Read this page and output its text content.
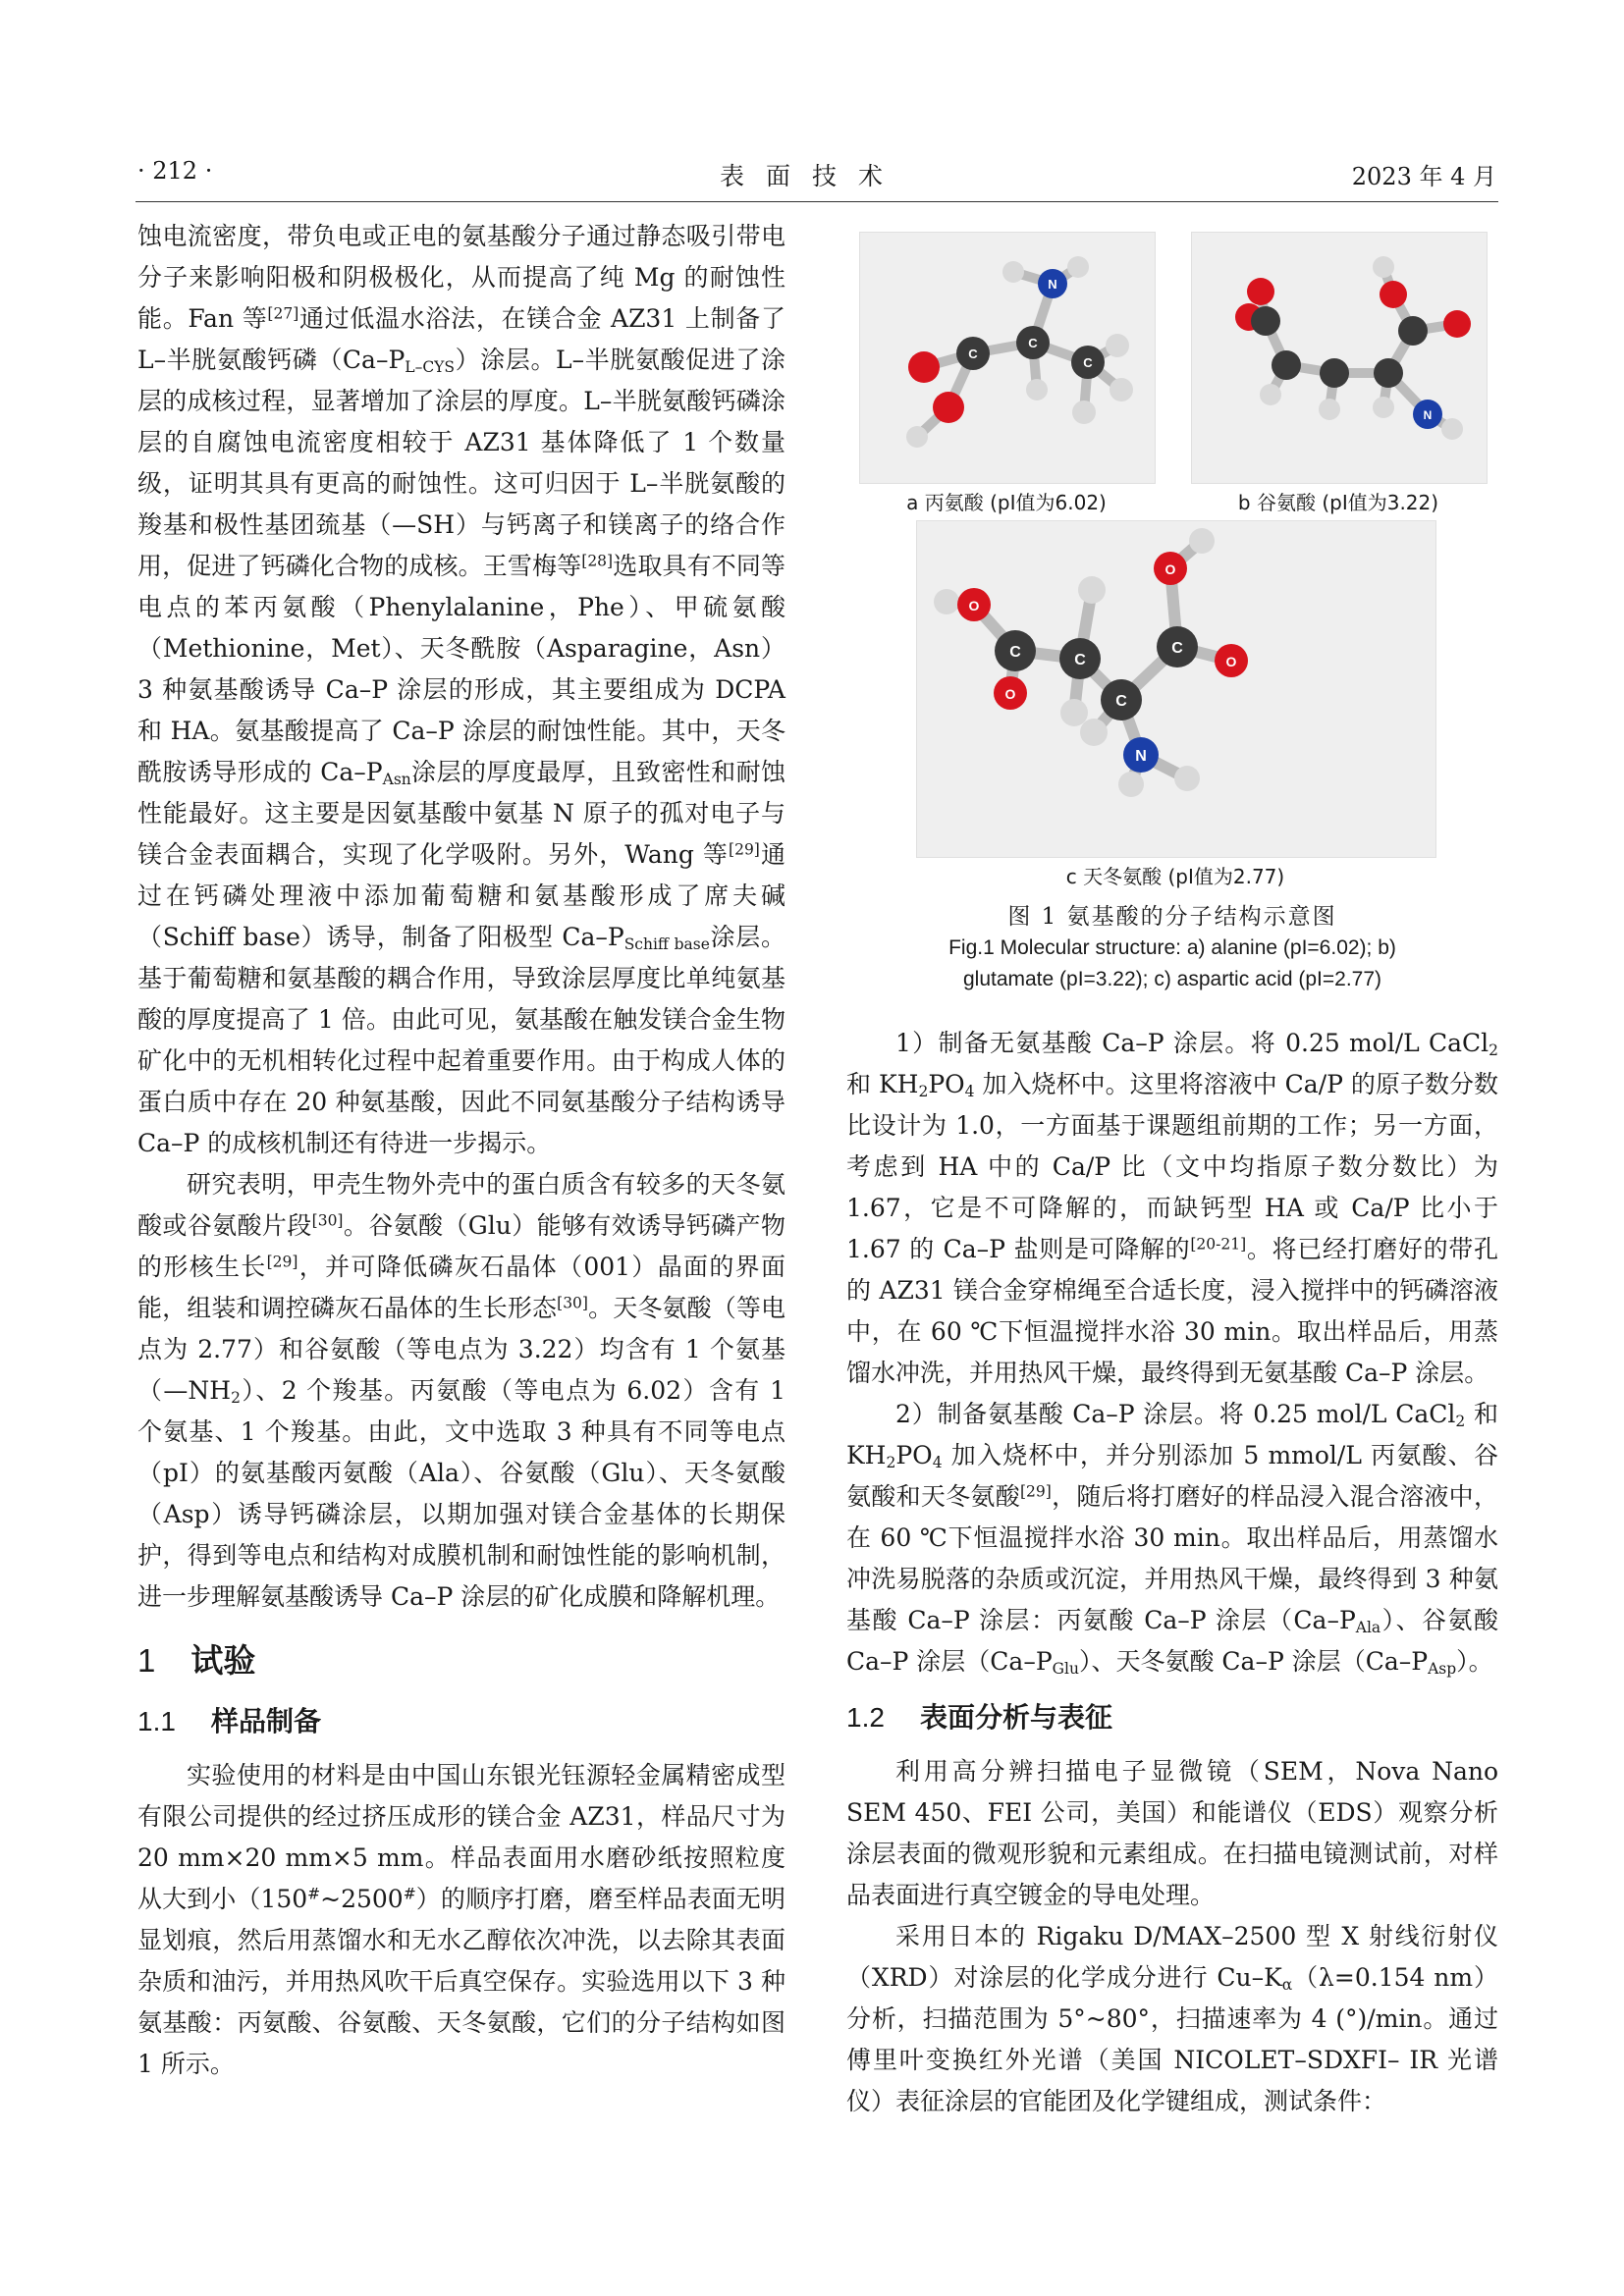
· 212 ·	表面技术	2023 年 4 月

蚀电流密度，带负电或正电的氨基酸分子通过静态吸引带电分子来影响阳极和阴极极化，从而提高了纯 Mg 的耐蚀性能。Fan 等[27]通过低温水浴法，在镁合金 AZ31 上制备了 L–半胱氨酸钙磷$(Ca-P_{L-CYS})$涂层。L–半胱氨酸促进了涂层的成核过程，显著增加了涂层的厚度。L–半胱氨酸钙磷涂层的自腐蚀电流密度相较于 AZ31 基体降低了 1 个数量级，证明其具有更高的耐蚀性。这可归因于 L–半胱氨酸的羧基和极性基团巯基（—SH）与钙离子和镁离子的络合作用，促进了钙磷化合物的成核。王雪梅等[28]选取具有不同等电点的苯丙氨酸（Phenylalanine，Phe）、甲硫氨酸（Methionine，Met）、天冬酰胺（Asparagine，Asn）3 种氨基酸诱导 Ca–P 涂层的形成，其主要组成为 DCPA 和 HA。氨基酸提高了 Ca–P 涂层的耐蚀性能。其中，天冬酰胺诱导形成的 $Ca-P_{Asn}$涂层的厚度最厚，且致密性和耐蚀性能最好。这主要是因氨基酸中氨基 N 原子的孤对电子与镁合金表面耦合，实现了化学吸附。另外，Wang 等[29]通过在钙磷处理液中添加葡萄糖和氨基酸形成了席夫碱（Schiff base）诱导，制备了阳极型 $Ca-P_{Schiff base}$涂层。基于葡萄糖和氨基酸的耦合作用，导致涂层厚度比单纯氨基酸的厚度提高了 1 倍。由此可见，氨基酸在触发镁合金生物矿化中的无机相转化过程中起着重要作用。由于构成人体的蛋白质中存在 20 种氨基酸，因此不同氨基酸分子结构诱导 Ca–P 的成核机制还有待进一步揭示。

研究表明，甲壳生物外壳中的蛋白质含有较多的天冬氨酸或谷氨酸片段[30]。谷氨酸（Glu）能够有效诱导钙磷产物的形核生长[29]，并可降低磷灰石晶体（001）晶面的界面能，组装和调控磷灰石晶体的生长形态[30]。天冬氨酸（等电点为 2.77）和谷氨酸（等电点为 3.22）均含有 1 个氨基$(—NH_2)$、2 个羧基。丙氨酸（等电点为 6.02）含有 1 个氨基、1 个羧基。由此，文中选取 3 种具有不同等电点（pI）的氨基酸丙氨酸（Ala）、谷氨酸（Glu）、天冬氨酸（Asp）诱导钙磷涂层，以期加强对镁合金基体的长期保护，得到等电点和结构对成膜机制和耐蚀性能的影响机制，进一步理解氨基酸诱导 Ca–P 涂层的矿化成膜和降解机理。

1 试验
1.1 样品制备

实验使用的材料是由中国山东银光钰源轻金属精密成型有限公司提供的经过挤压成形的镁合金 AZ31，样品尺寸为 20 mm×20 mm×5 mm。样品表面用水磨砂纸按照粒度从大到小（150#~2500#）的顺序打磨，磨至样品表面无明显划痕，然后用蒸馏水和无水乙醇依次冲洗，以去除其表面杂质和油污，并用热风吹干后真空保存。实验选用以下 3 种氨基酸：丙氨酸、谷氨酸、天冬氨酸，它们的分子结构如图 1 所示。

N
C
C
C
a 丙氨酸 (pI值为6.02)
N
b 谷氨酸 (pI值为3.22)
N
C	C
C
C
O
O
O
O
c 天冬氨酸 (pI值为2.77)
图 1 氨基酸的分子结构示意图
Fig.1 Molecular structure: a) alanine (pI=6.02); b)
glutamate (pI=3.22); c) aspartic acid (pI=2.77)

1）制备无氨基酸 Ca–P 涂层。将 0.25 mol/L CaCl$_2$ 和 $KH_2PO_4$ 加入烧杯中。这里将溶液中 Ca/P 的原子数分数比设计为 1.0，一方面基于课题组前期的工作；另一方面，考虑到 HA 中的 Ca/P 比（文中均指原子数分数比）为 1.67，它是不可降解的，而缺钙型 HA 或 Ca/P 比小于 1.67 的 Ca–P 盐则是可降解的[20-21]。将已经打磨好的带孔的 AZ31 镁合金穿棉绳至合适长度，浸入搅拌中的钙磷溶液中，在 60 ℃下恒温搅拌水浴 30 min。取出样品后，用蒸馏水冲洗，并用热风干燥，最终得到无氨基酸 Ca–P 涂层。

2）制备氨基酸 Ca–P 涂层。将 0.25 mol/L CaCl$_2$ 和 $KH_2PO_4$ 加入烧杯中，并分别添加 5 mmol/L 丙氨酸、谷氨酸和天冬氨酸[29]，随后将打磨好的样品浸入混合溶液中，在 60 ℃下恒温搅拌水浴 30 min。取出样品后，用蒸馏水冲洗易脱落的杂质或沉淀，并用热风干燥，最终得到 3 种氨基酸 Ca–P 涂层：丙氨酸 Ca–P 涂层$(Ca-P_{Ala})$、谷氨酸 Ca–P 涂层$(Ca-P_{Glu})$、天冬氨酸 Ca–P 涂层$(Ca-P_{Asp})$。

1.2 表面分析与表征

利用高分辨扫描电子显微镜（SEM，Nova Nano SEM 450、FEI 公司，美国）和能谱仪（EDS）观察分析涂层表面的微观形貌和元素组成。在扫描电镜测试前，对样品表面进行真空镀金的导电处理。

采用日本的 Rigaku D/MAX–2500 型 X 射线衍射仪（XRD）对涂层的化学成分进行 $Cu-K_\alpha(\lambda=0.154$ nm）分析，扫描范围为 5°~80°，扫描速率为 4 (°)/min。通过傅里叶变换红外光谱（美国 NICOLET–SDXFI– IR 光谱仪）表征涂层的官能团及化学键组成，测试条件：
